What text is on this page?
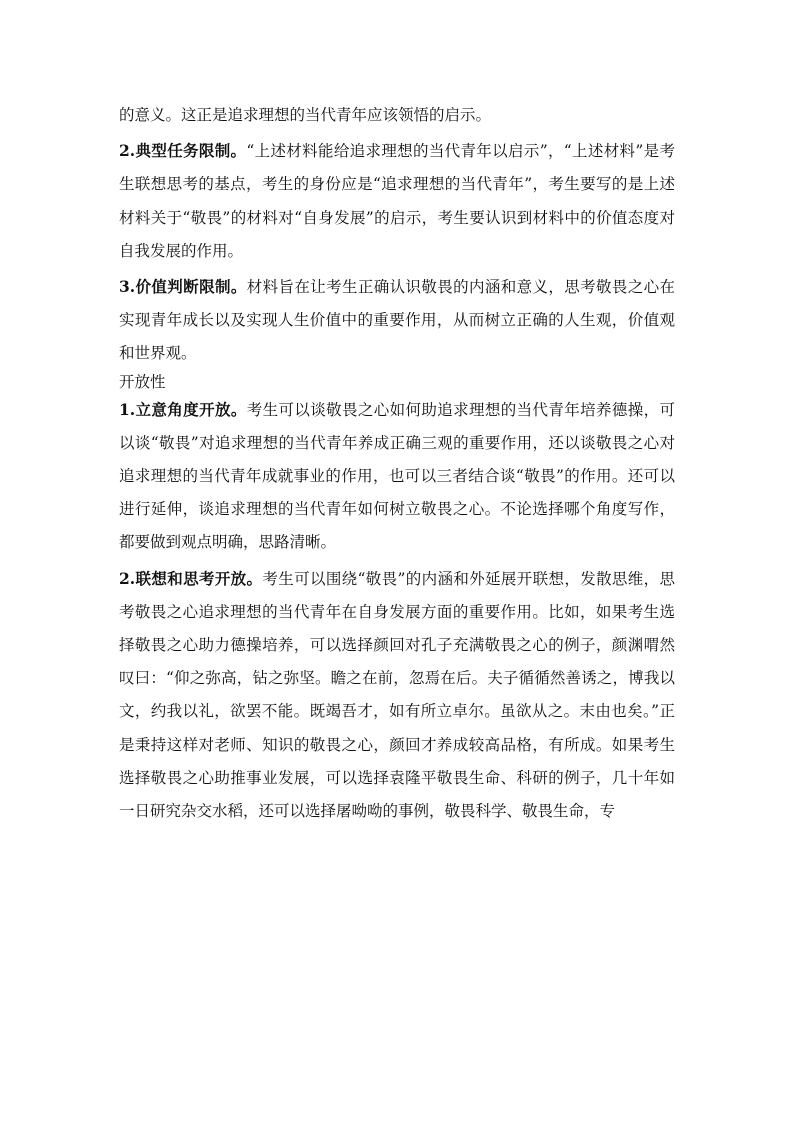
的意义。这正是追求理想的当代青年应该领悟的启示。

2.典型任务限制。“上述材料能给追求理想的当代青年以启示”，“上述材料”是考生联想思考的基点，考生的身份应是“追求理想的当代青年”，考生要写的是上述材料关于“敬畏”的材料对“自身发展”的启示，考生要认识到材料中的价值态度对自我发展的作用。

3.价值判断限制。材料旨在让考生正确认识敬畏的内涵和意义，思考敬畏之心在实现青年成长以及实现人生价值中的重要作用，从而树立正确的人生观，价值观和世界观。

开放性

1.立意角度开放。考生可以谈敬畏之心如何助追求理想的当代青年培养德操，可以谈“敬畏”对追求理想的当代青年养成正确三观的重要作用，还以谈敬畏之心对追求理想的当代青年成就事业的作用，也可以三者结合谈“敬畏”的作用。还可以进行延伸，谈追求理想的当代青年如何树立敬畏之心。不论选择哪个角度写作，都要做到观点明确，思路清晰。

2.联想和思考开放。考生可以围绕“敬畏”的内涵和外延展开联想，发散思维，思考敬畏之心追求理想的当代青年在自身发展方面的重要作用。比如，如果考生选择敬畏之心助力德操培养，可以选择颜回对孔子充满敬畏之心的例子，颜渊喟然叹曰：“仰之弥高，钻之弥坚。瞻之在前，忽焉在后。夫子循循然善诱之，博我以文，约我以礼，欲罢不能。既竭吾才，如有所立卓尔。虽欲从之。末由也矣。”正是秉持这样对老师、知识的敬畏之心，颜回才养成较高品格，有所成。如果考生选择敬畏之心助推事业发展，可以选择袁隆平敬畏生命、科研的例子，几十年如一日研究杂交水稻，还可以选择屠呦呦的事例，敬畏科学、敬畏生命，专
